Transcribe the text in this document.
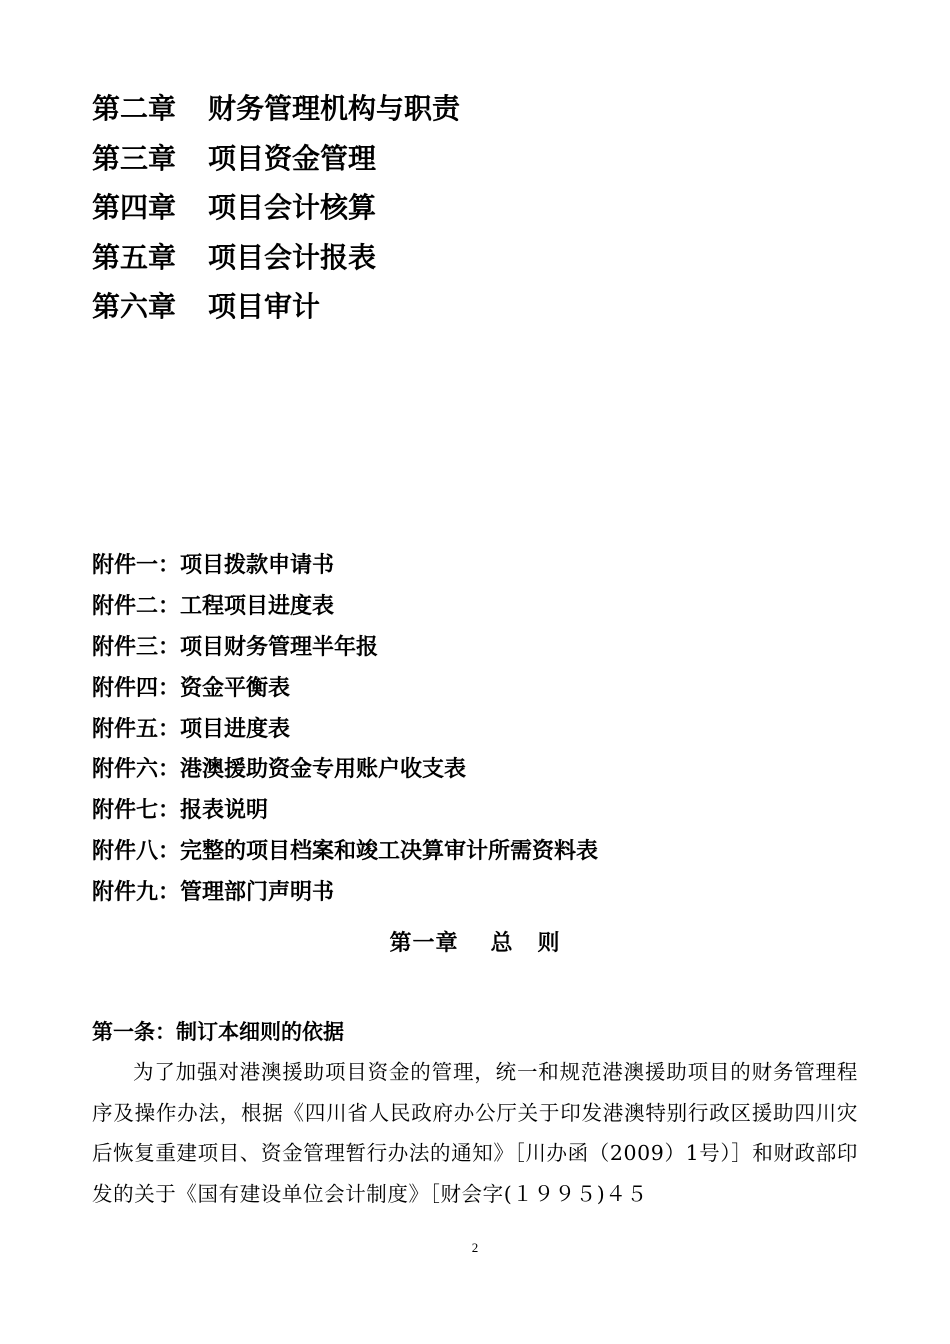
第二章 财务管理机构与职责
第三章 项目资金管理
第四章 项目会计核算
第五章 项目会计报表
第六章 项目审计
附件一：项目拨款申请书
附件二：工程项目进度表
附件三：项目财务管理半年报
附件四：资金平衡表
附件五：项目进度表
附件六：港澳援助资金专用账户收支表
附件七：报表说明
附件八：完整的项目档案和竣工决算审计所需资料表
附件九：管理部门声明书
第一章 总 则
第一条：制订本细则的依据

为了加强对港澳援助项目资金的管理，统一和规范港澳援助项目的财务管理程序及操作办法，根据《四川省人民政府办公厅关于印发港澳特别行政区援助四川灾后恢复重建项目、资金管理暂行办法的通知》［川办函（2009）1号）］和财政部印发的关于《国有建设单位会计制度》［财会字(１９９５)４５

2
